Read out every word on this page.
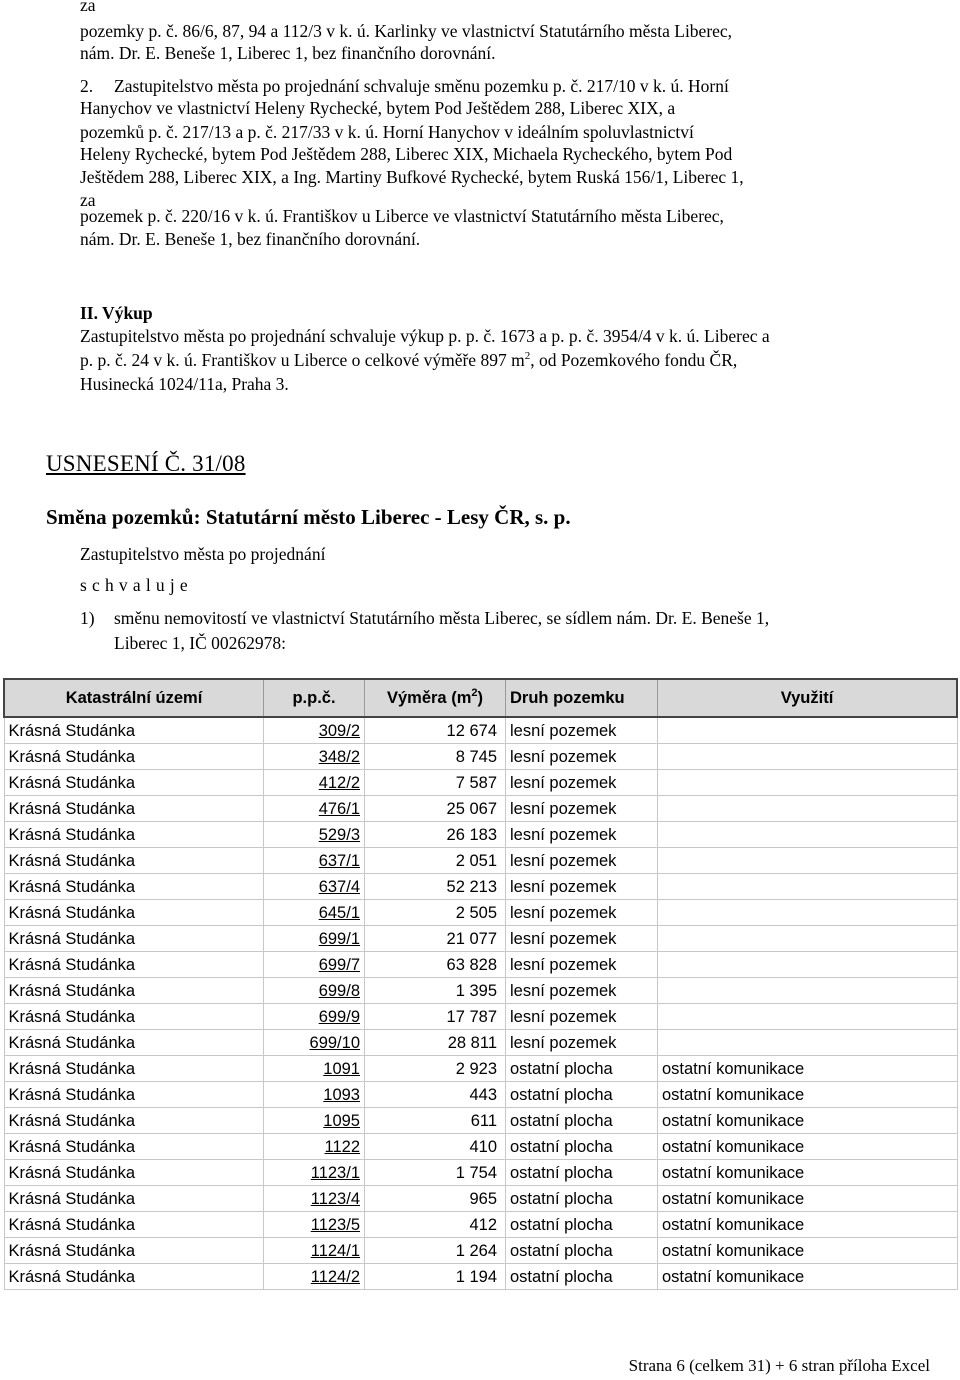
za
pozemky p. č. 86/6, 87, 94 a 112/3 v k. ú. Karlinky ve vlastnictví Statutárního města Liberec,
nám. Dr. E. Beneše 1, Liberec 1, bez finančního dorovnání.
2. Zastupitelstvo města po projednání schvaluje směnu pozemku p. č. 217/10 v k. ú. Horní
Hanychov ve vlastnictví Heleny Rychecké, bytem Pod Ještědem 288, Liberec XIX, a
pozemků p. č. 217/13 a p. č. 217/33 v k. ú. Horní Hanychov v ideálním spoluvlastnictví
Heleny Rychecké, bytem Pod Ještědem 288, Liberec XIX, Michaela Rycheckého, bytem Pod
Ještědem 288, Liberec XIX, a Ing. Martiny Bufkové Rychecké, bytem Ruská 156/1, Liberec 1,
za
pozemek p. č. 220/16 v k. ú. Františkov u Liberce ve vlastnictví Statutárního města Liberec,
nám. Dr. E. Beneše 1, bez finančního dorovnání.
II. Výkup
Zastupitelstvo města po projednání schvaluje výkup p. p. č. 1673 a p. p. č. 3954/4 v k. ú. Liberec a
p. p. č. 24 v k. ú. Františkov u Liberce o celkové výměře 897 $m^2$, od Pozemkového fondu ČR,
Husinecká 1024/11a, Praha 3.
USNESENÍ Č. 31/08
Směna pozemků: Statutární město Liberec - Lesy ČR, s. p.
Zastupitelstvo města po projednání
schvaluje
1) směnu nemovitostí ve vlastnictví Statutárního města Liberec, se sídlem nám. Dr. E. Beneše 1,
Liberec 1, IČ 00262978:
Katastrální území	p.p.č.	Výměra $(m^2)$	Druh pozemku	Využití
Krásná Studánka	309/2	12 674	lesní pozemek	
Krásná Studánka	348/2	8 745	lesní pozemek	
Krásná Studánka	412/2	7 587	lesní pozemek	
Krásná Studánka	476/1	25 067	lesní pozemek	
Krásná Studánka	529/3	26 183	lesní pozemek	
Krásná Studánka	637/1	2 051	lesní pozemek	
Krásná Studánka	637/4	52 213	lesní pozemek	
Krásná Studánka	645/1	2 505	lesní pozemek	
Krásná Studánka	699/1	21 077	lesní pozemek	
Krásná Studánka	699/7	63 828	lesní pozemek	
Krásná Studánka	699/8	1 395	lesní pozemek	
Krásná Studánka	699/9	17 787	lesní pozemek	
Krásná Studánka	699/10	28 811	lesní pozemek	
Krásná Studánka	1091	2 923	ostatní plocha	ostatní komunikace
Krásná Studánka	1093	443	ostatní plocha	ostatní komunikace
Krásná Studánka	1095	611	ostatní plocha	ostatní komunikace
Krásná Studánka	1122	410	ostatní plocha	ostatní komunikace
Krásná Studánka	1123/1	1 754	ostatní plocha	ostatní komunikace
Krásná Studánka	1123/4	965	ostatní plocha	ostatní komunikace
Krásná Studánka	1123/5	412	ostatní plocha	ostatní komunikace
Krásná Studánka	1124/1	1 264	ostatní plocha	ostatní komunikace
Krásná Studánka	1124/2	1 194	ostatní plocha	ostatní komunikace
Strana 6 (celkem 31) + 6 stran příloha Excel
